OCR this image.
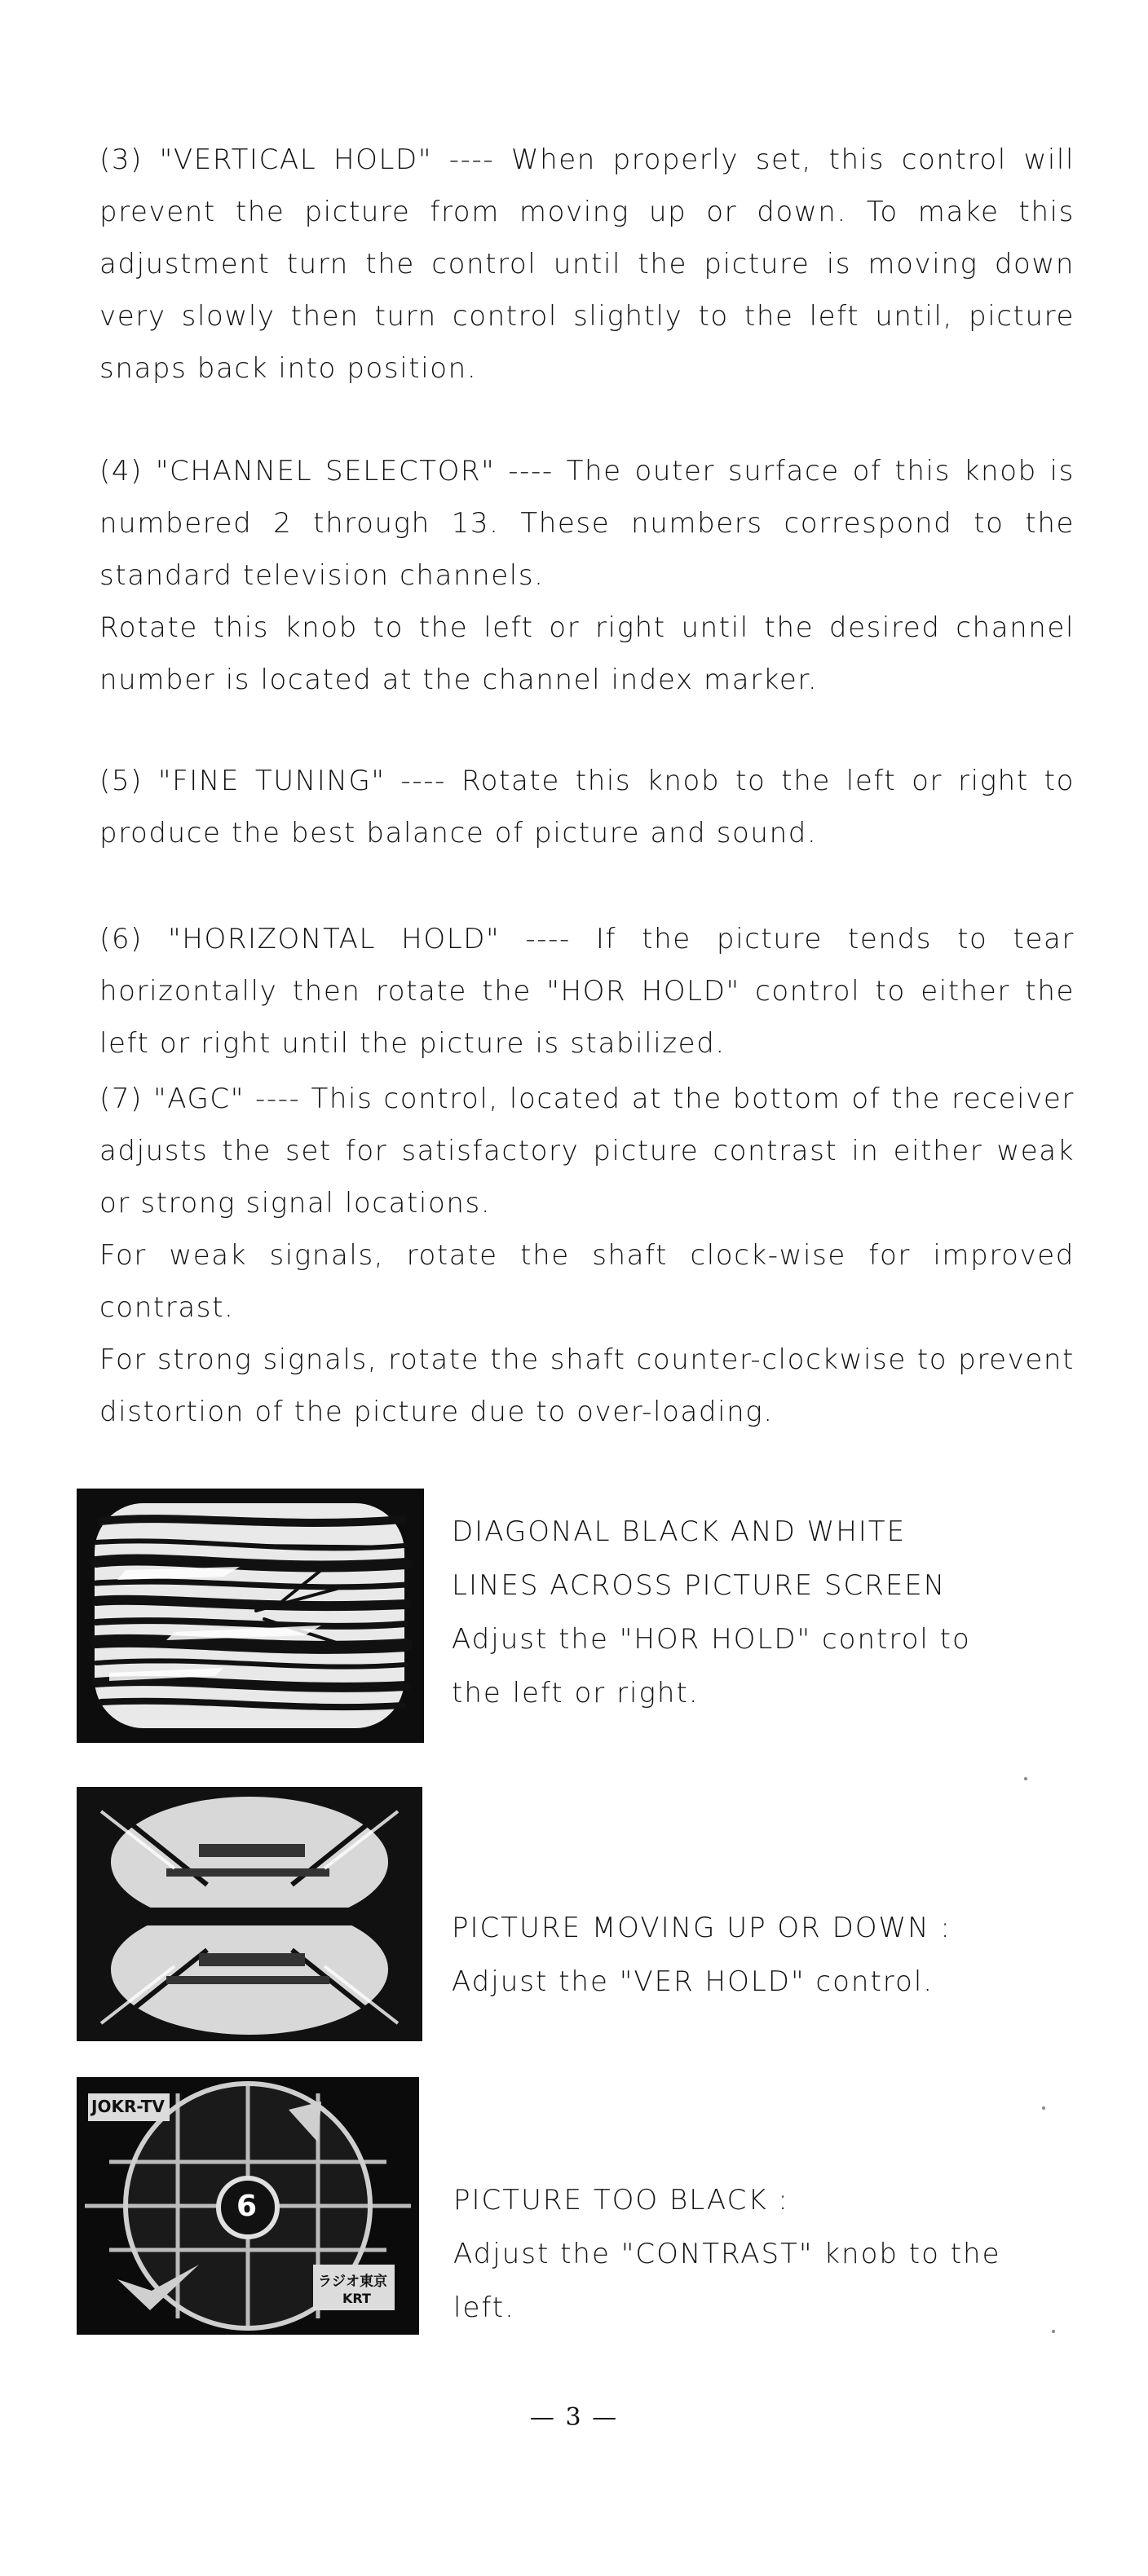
(3) "VERTICAL HOLD" ---- When properly set, this control will prevent the picture from moving up or down. To make this adjustment turn the control until the picture is moving down very slowly then turn control slightly to the left until, picture snaps back into position.

(4) "CHANNEL SELECTOR" ---- The outer surface of this knob is numbered 2 through 13. These numbers correspond to the standard television channels.

Rotate this knob to the left or right until the desired channel number is located at the channel index marker.

(5) "FINE TUNING" ---- Rotate this knob to the left or right to produce the best balance of picture and sound.

(6) "HORIZONTAL HOLD" ---- If the picture tends to tear horizontally then rotate the "HOR HOLD" control to either the left or right until the picture is stabilized.

(7) "AGC" ---- This control, located at the bottom of the receiver adjusts the set for satisfactory picture contrast in either weak or strong signal locations.

For weak signals, rotate the shaft clock-wise for improved contrast.

For strong signals, rotate the shaft counter-clockwise to prevent distortion of the picture due to over-loading.

DIAGONAL BLACK AND WHITE

LINES ACROSS PICTURE SCREEN

Adjust the "HOR HOLD" control to

the left or right.

PICTURE MOVING UP OR DOWN :

Adjust the "VER HOLD" control.

JOKR-TV
6
ラジオ東京
KRT

PICTURE TOO BLACK :

Adjust the "CONTRAST" knob to the

left.

— 3 —
